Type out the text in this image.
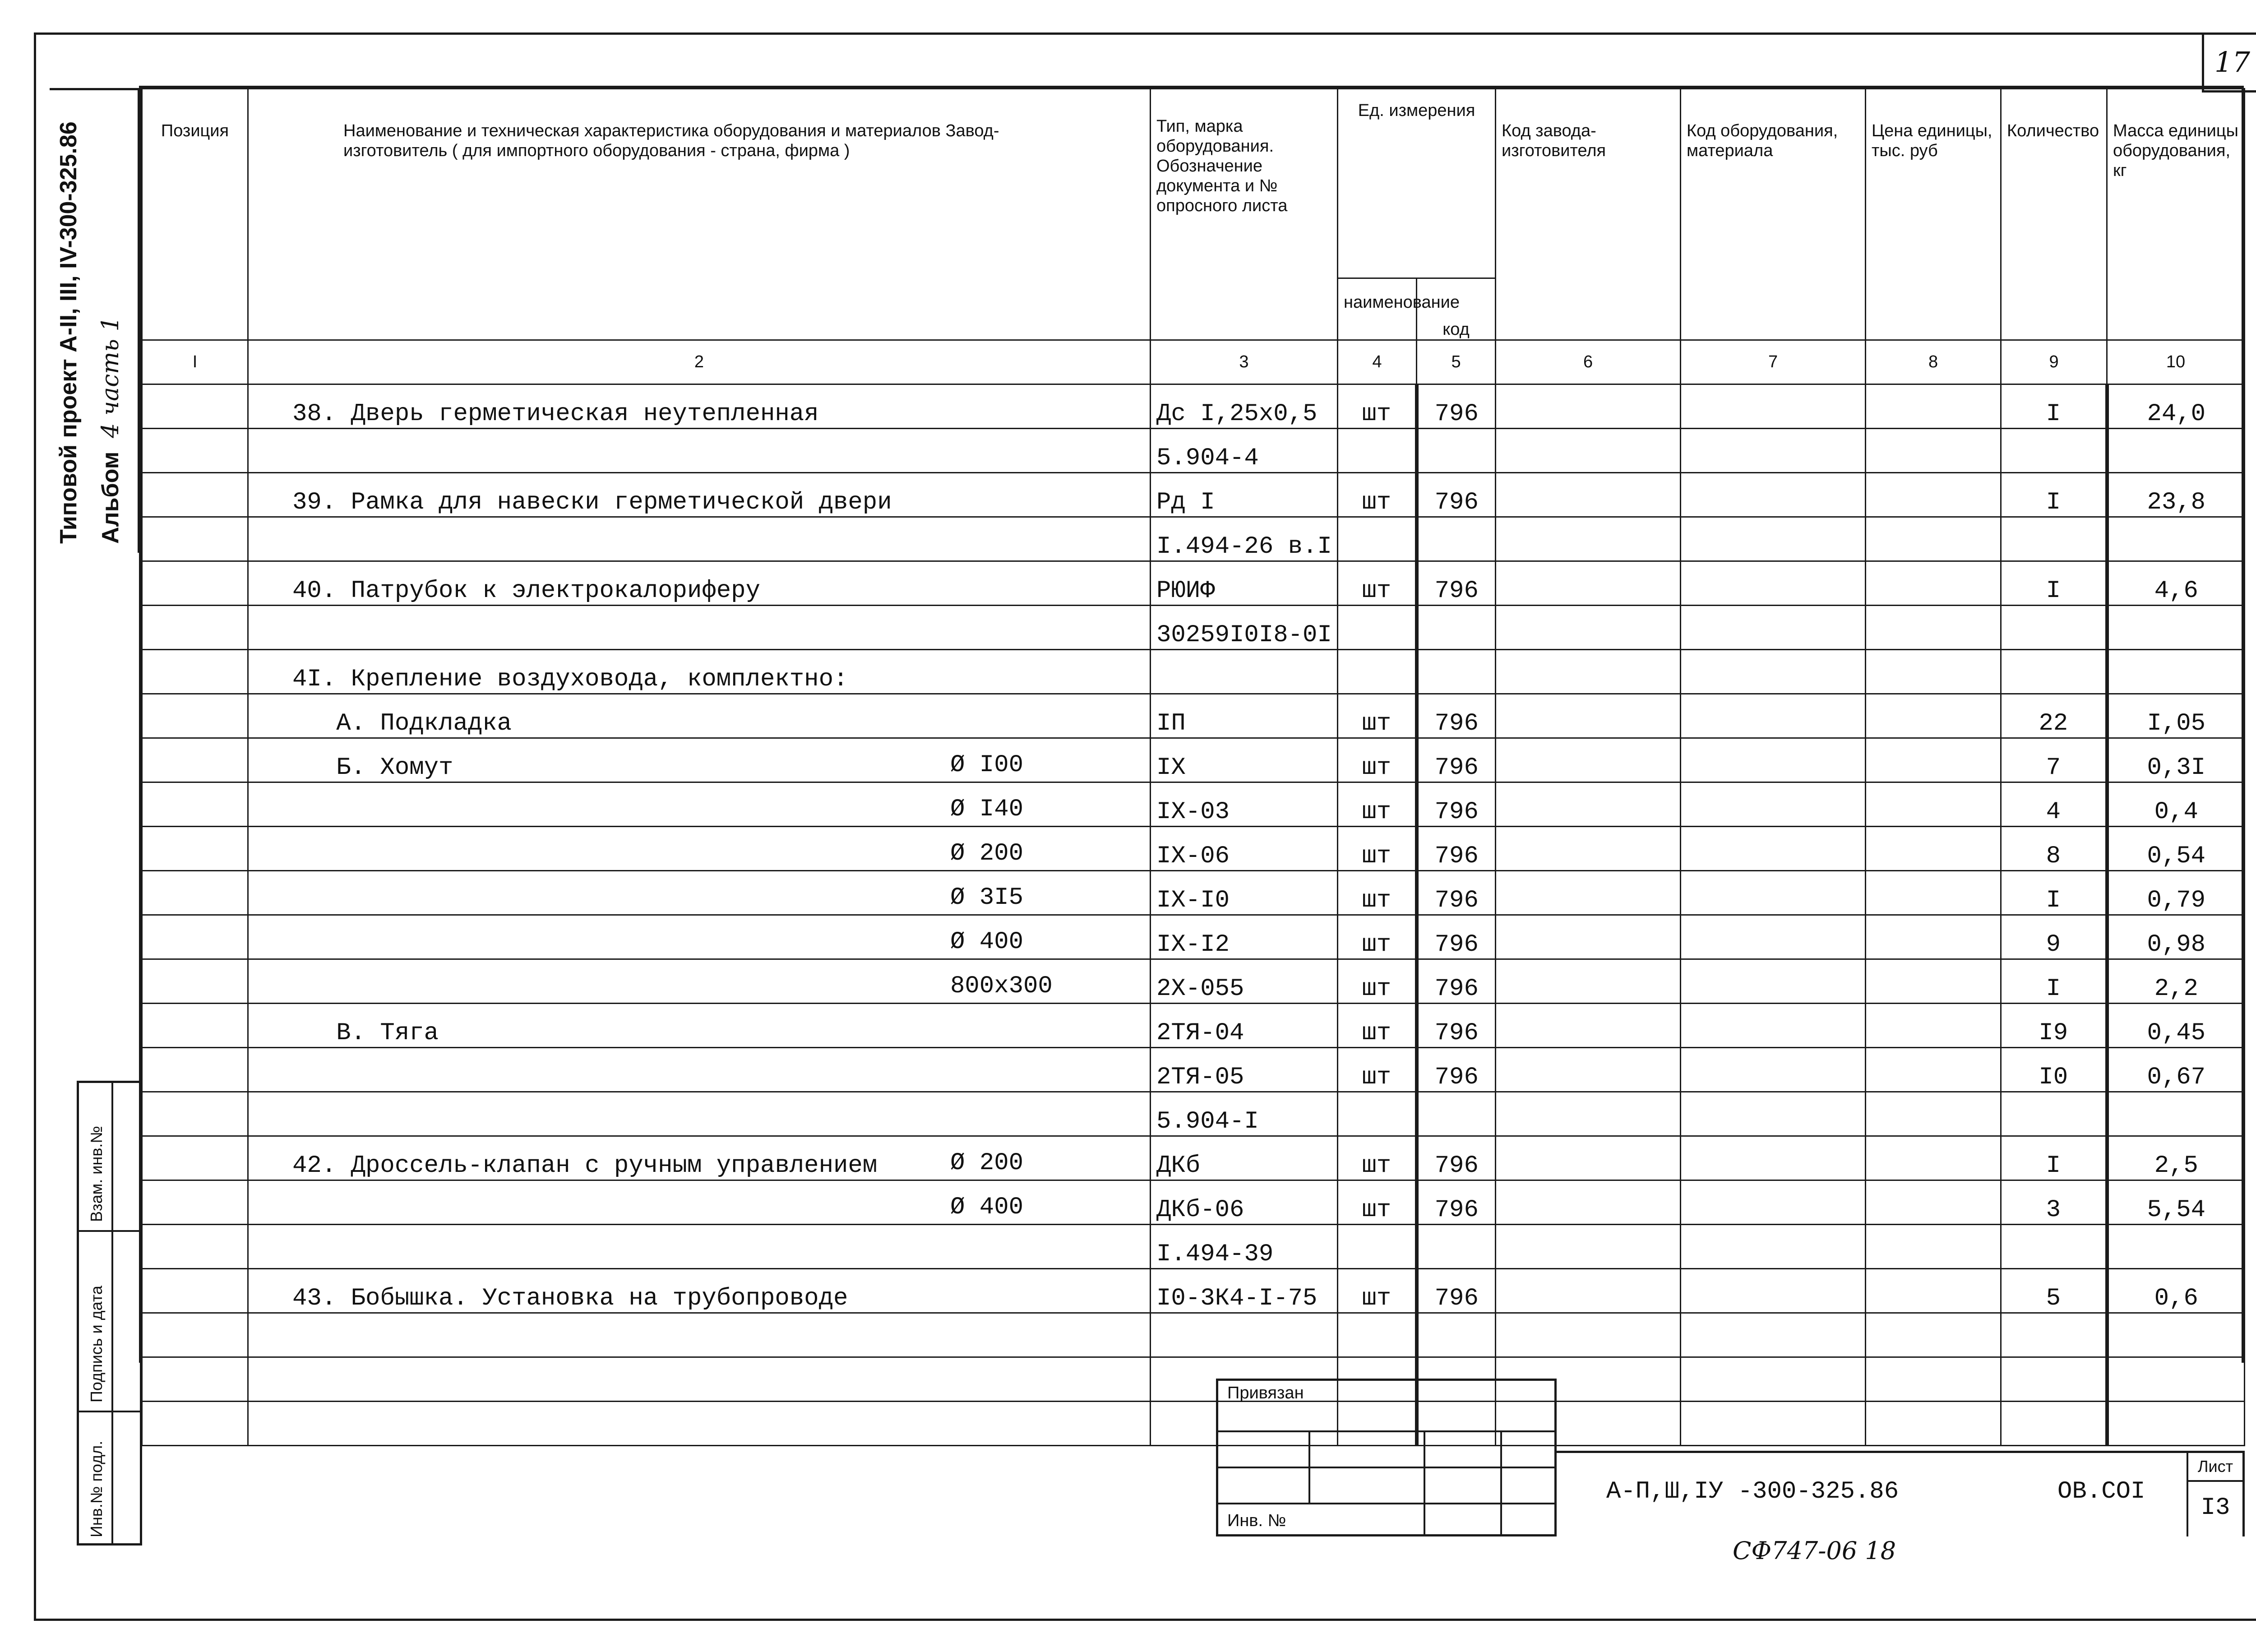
17
Типовой проект А-II, III, IV-300-325.86 Альбом4 часть 1
Взам. инв.№
Подпись и дата
Инв.№ подл.
Позиция	Наименование и техническая характеристика оборудования и материалов Завод-изготовитель ( для импортного оборудования - страна, фирма )	Тип, марка оборудования. Обозначение документа и № опросного листа	Ед. измерения		Код завода-изготовителя	Код оборудования, материала	Цена единицы, тыс. руб	Количество	Масса единицы оборудования, кг
			наименование	код					
I	2	3	4	5	6	7	8	9	10
	38. Дверь герметическая неутепленная	Дс I,25x0,5	шт	796				I	24,0

	5.904-4							
	39. Рамка для навески герметической двери	Рд I	шт	796				I	23,8

	I.494-26 в.I							
	40. Патрубок к электрокалориферу	РЮИФ	шт	796				I	4,6

	30259I0I8-0I							
	4I. Крепление воздуховода, комплектно:

	А. Подкладка	IП	шт	796				22	I,05
	Б. Хомут Ø I00	IX	шт	796				7	0,3I

	Ø I40	IX-03	шт	796				4	0,4

	Ø 200	IX-06	шт	796				8	0,54

	Ø 3I5	IX-I0	шт	796				I	0,79

	Ø 400	IX-I2	шт	796				9	0,98

	800x300	2X-055	шт	796				I	2,2
	В. Тяга	2ТЯ-04	шт	796				I9	0,45

	2ТЯ-05	шт	796				I0	0,67

	5.904-I							
	42. Дроссель-клапан с ручным управлением Ø 200	ДКб	шт	796				I	2,5

	Ø 400	ДКб-06	шт	796				3	5,54

	I.494-39							
	43. Бобышка. Установка на трубопроводе	I0-3К4-I-75	шт	796				5	0,6

Привязан
Инв. №
А-П,Ш,IУ -300-325.86	ОВ.СОI
Лист
I3
СФ747-06 18
